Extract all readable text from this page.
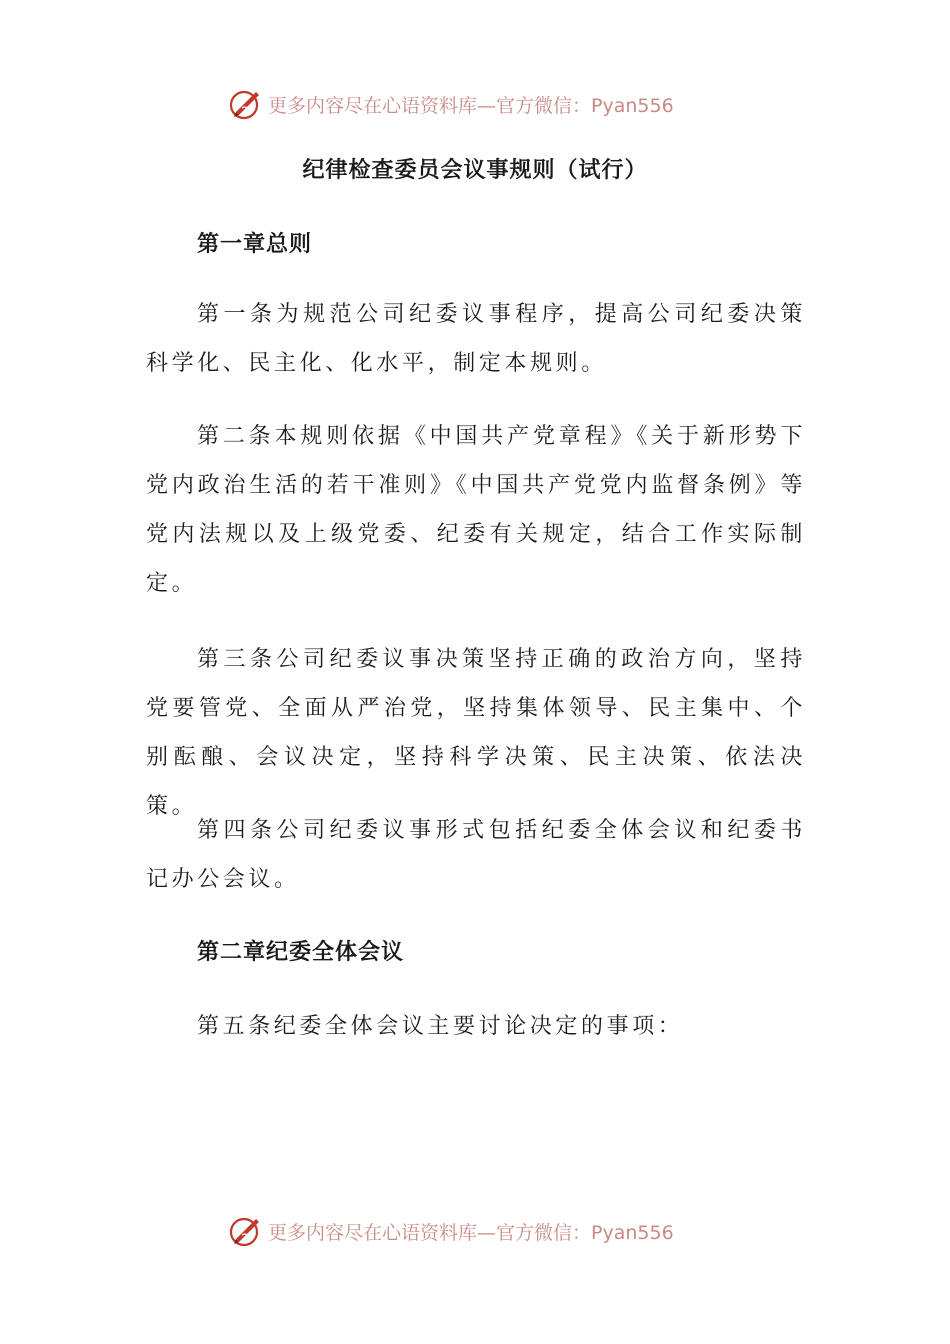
更多内容尽在心语资料库—官方微信：Pyan556
纪律检查委员会议事规则（试行）
第一章总则

第一条为规范公司纪委议事程序，提高公司纪委决策科学化、民主化、化水平，制定本规则。

第二条本规则依据《中国共产党章程》《关于新形势下党内政治生活的若干准则》《中国共产党党内监督条例》等党内法规以及上级党委、纪委有关规定，结合工作实际制定。

第三条公司纪委议事决策坚持正确的政治方向，坚持党要管党、全面从严治党，坚持集体领导、民主集中、个别酝酿、会议决定，坚持科学决策、民主决策、依法决策。

第四条公司纪委议事形式包括纪委全体会议和纪委书记办公会议。

第二章纪委全体会议

第五条纪委全体会议主要讨论决定的事项：

更多内容尽在心语资料库—官方微信：Pyan556
